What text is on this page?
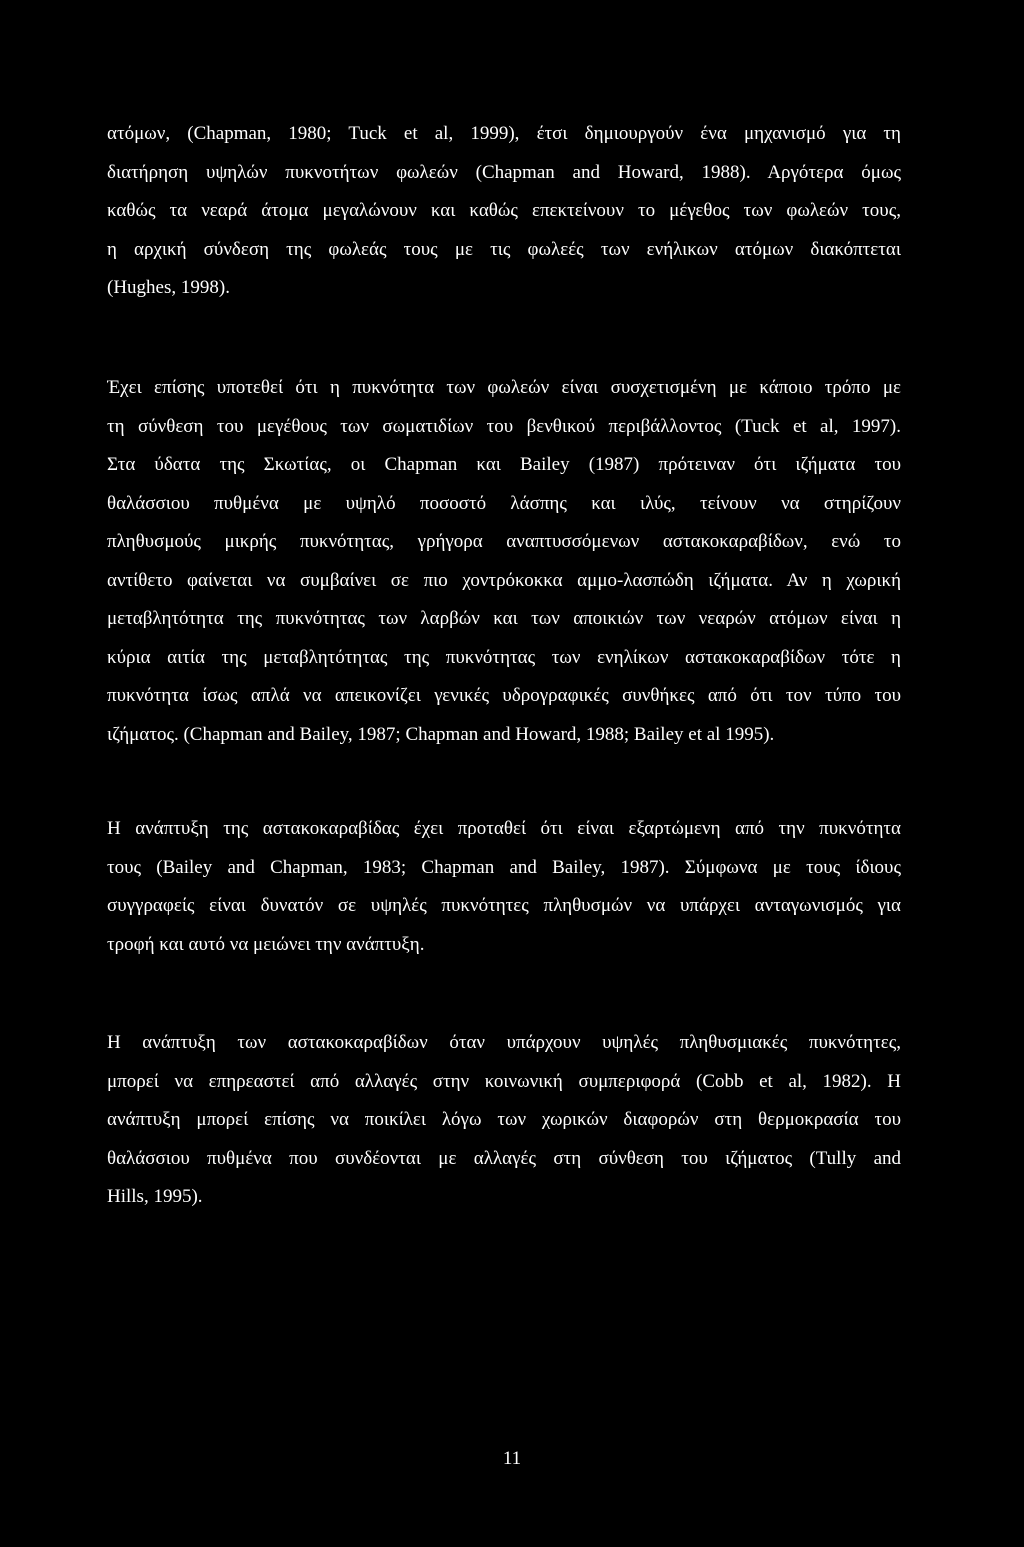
ατόμων, (Chapman, 1980; Tuck et al, 1999), έτσι δημιουργούν ένα μηχανισμό για τη
διατήρηση υψηλών πυκνοτήτων φωλεών (Chapman and Howard, 1988). Αργότερα όμως
καθώς τα νεαρά άτομα μεγαλώνουν και καθώς επεκτείνουν το μέγεθος των φωλεών τους,
η αρχική σύνδεση της φωλεάς τους με τις φωλεές των ενήλικων ατόμων διακόπτεται
(Hughes, 1998).
Έχει επίσης υποτεθεί ότι η πυκνότητα των φωλεών είναι συσχετισμένη με κάποιο τρόπο με
τη σύνθεση του μεγέθους των σωματιδίων του βενθικού περιβάλλοντος (Tuck et al, 1997).
Στα ύδατα της Σκωτίας, οι Chapman και Bailey (1987) πρότειναν ότι ιζήματα του
θαλάσσιου πυθμένα με υψηλό ποσοστό λάσπης και ιλύς, τείνουν να στηρίζουν
πληθυσμούς μικρής πυκνότητας, γρήγορα αναπτυσσόμενων αστακοκαραβίδων, ενώ το
αντίθετο φαίνεται να συμβαίνει σε πιο χοντρόκοκκα αμμο-λασπώδη ιζήματα. Αν η χωρική
μεταβλητότητα της πυκνότητας των λαρβών και των αποικιών των νεαρών ατόμων είναι η
κύρια αιτία της μεταβλητότητας της πυκνότητας των ενηλίκων αστακοκαραβίδων τότε η
πυκνότητα ίσως απλά να απεικονίζει γενικές υδρογραφικές συνθήκες από ότι τον τύπο του
ιζήματος. (Chapman and Bailey, 1987; Chapman and Howard, 1988; Bailey et al 1995).
Η ανάπτυξη της αστακοκαραβίδας έχει προταθεί ότι είναι εξαρτώμενη από την πυκνότητα
τους (Bailey and Chapman, 1983; Chapman and Bailey, 1987). Σύμφωνα με τους ίδιους
συγγραφείς είναι δυνατόν σε υψηλές πυκνότητες πληθυσμών να υπάρχει ανταγωνισμός για
τροφή και αυτό να μειώνει την ανάπτυξη.
Η ανάπτυξη των αστακοκαραβίδων όταν υπάρχουν υψηλές πληθυσμιακές πυκνότητες,
μπορεί να επηρεαστεί από αλλαγές στην κοινωνική συμπεριφορά (Cobb et al, 1982). Η
ανάπτυξη μπορεί επίσης να ποικίλει λόγω των χωρικών διαφορών στη θερμοκρασία του
θαλάσσιου πυθμένα που συνδέονται με αλλαγές στη σύνθεση του ιζήματος (Tully and
Hills, 1995).
11
